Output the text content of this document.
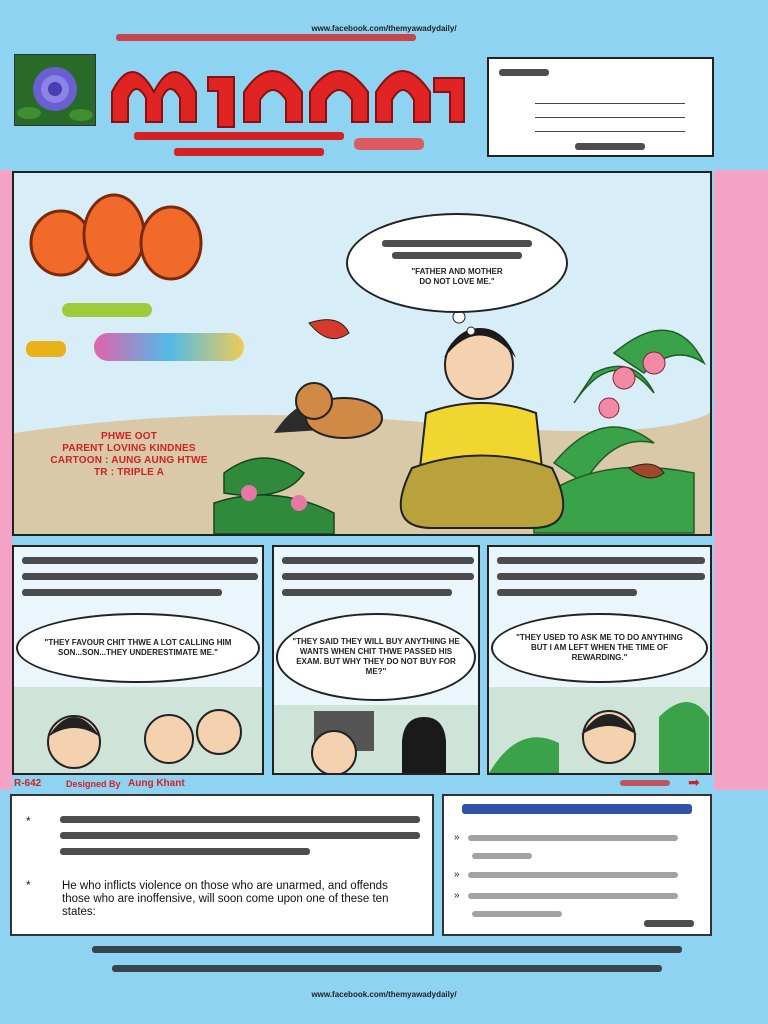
www.facebook.com/themyawadydaily/
PHWE OOT
PARENT LOVING KINDNES
CARTOON : AUNG AUNG HTWE
TR : TRIPLE A
"FATHER AND MOTHER
DO NOT LOVE ME."
"THEY FAVOUR CHIT THWE A LOT CALLING HIM SON...SON...THEY UNDERESTIMATE ME."
"THEY SAID THEY WILL BUY ANYTHING HE WANTS WHEN CHIT THWE PASSED HIS EXAM. BUT WHY THEY DO NOT BUY FOR ME?"
"THEY USED TO ASK ME TO DO ANYTHING BUT I AM LEFT WHEN THE TIME OF REWARDING."
R-642	Designed By Aung Khant	➡
*
*	He who inflicts violence on those who are unarmed, and offends those who are inoffensive, will soon come upon one of these ten states:
»
»
»
www.facebook.com/themyawadydaily/
